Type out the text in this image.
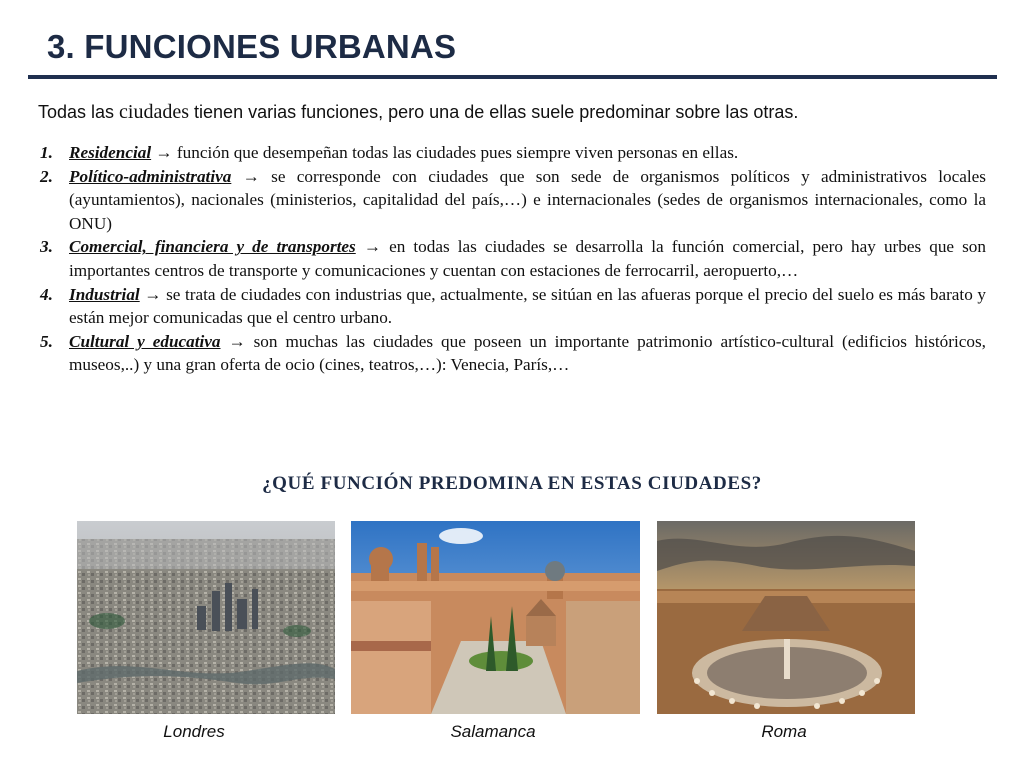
3. FUNCIONES URBANAS
Todas las ciudades tienen varias funciones, pero una de ellas suele predominar sobre las otras.
1. Residencial → función que desempeñan todas las ciudades pues siempre viven personas en ellas.
2. Político-administrativa → se corresponde con ciudades que son sede de organismos políticos y administrativos locales (ayuntamientos), nacionales (ministerios, capitalidad del país,…) e internacionales (sedes de organismos internacionales, como la ONU)
3. Comercial, financiera y de transportes → en todas las ciudades se desarrolla la función comercial, pero hay urbes que son importantes centros de transporte y comunicaciones y cuentan con estaciones de ferrocarril, aeropuerto,…
4. Industrial → se trata de ciudades con industrias que, actualmente, se sitúan en las afueras porque el precio del suelo es más barato y están mejor comunicadas que el centro urbano.
5. Cultural y educativa → son muchas las ciudades que poseen un importante patrimonio artístico-cultural (edificios históricos, museos,..) y una gran oferta de ocio (cines, teatros,…): Venecia, París,…
¿QUÉ FUNCIÓN PREDOMINA EN ESTAS CIUDADES?
Londres	Salamanca	Roma
